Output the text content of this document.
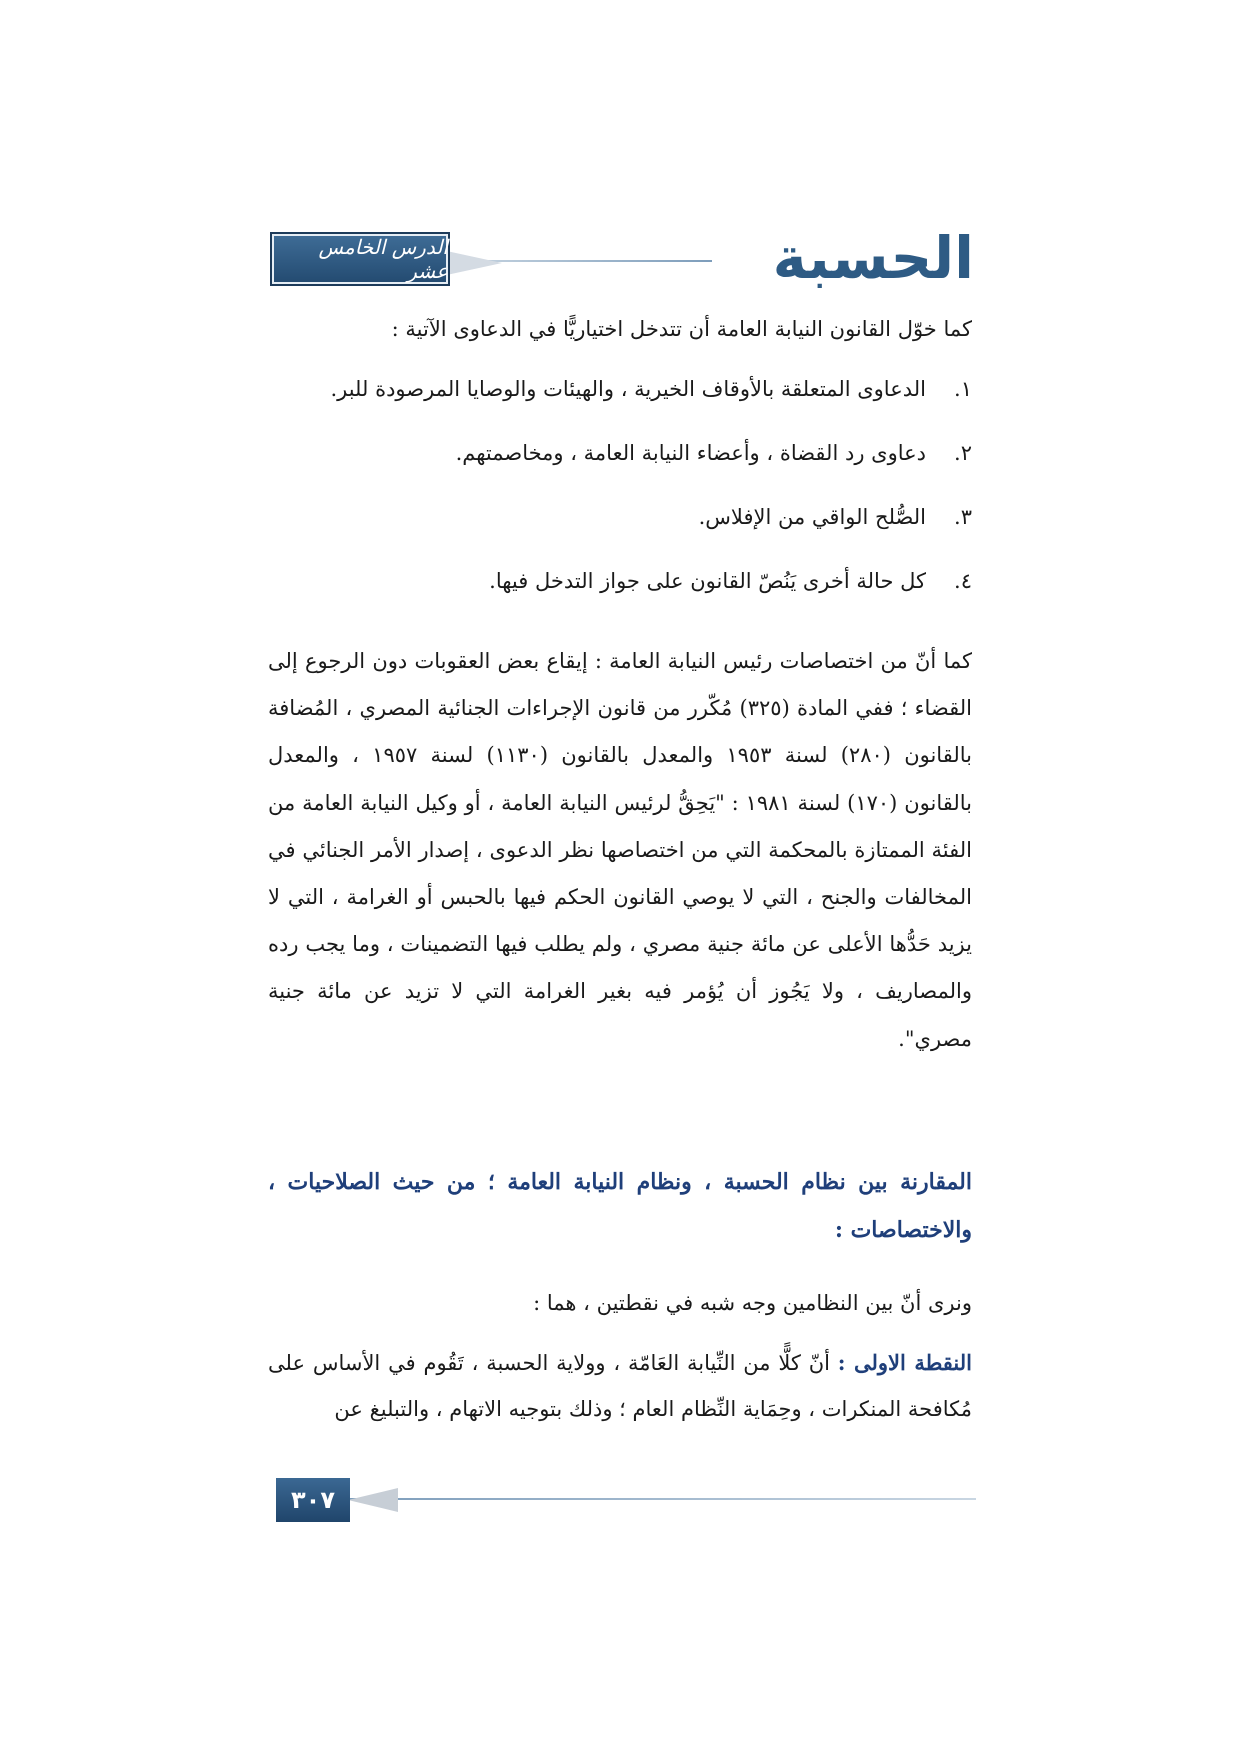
الحسبة
الدرس الخامس عشر
كما خوّل القانون النيابة العامة أن تتدخل اختياريًّا في الدعاوى الآتية :
١.الدعاوى المتعلقة بالأوقاف الخيرية ، والهيئات والوصايا المرصودة للبر.
٢.دعاوى رد القضاة ، وأعضاء النيابة العامة ، ومخاصمتهم.
٣.الصُّلح الواقي من الإفلاس.
٤.كل حالة أخرى يَنُصّ القانون على جواز التدخل فيها.
كما أنّ من اختصاصات رئيس النيابة العامة : إيقاع بعض العقوبات دون الرجوع إلى القضاء ؛ ففي المادة (٣٢٥) مُكّرر من قانون الإجراءات الجنائية المصري ، المُضافة بالقانون (٢٨٠) لسنة ١٩٥٣ والمعدل بالقانون (١١٣٠) لسنة ١٩٥٧ ، والمعدل بالقانون (١٧٠) لسنة ١٩٨١ : "يَحِقُّ لرئيس النيابة العامة ، أو وكيل النيابة العامة من الفئة الممتازة بالمحكمة التي من اختصاصها نظر الدعوى ، إصدار الأمر الجنائي في المخالفات والجنح ، التي لا يوصي القانون الحكم فيها بالحبس أو الغرامة ، التي لا يزيد حَدُّها الأعلى عن مائة جنية مصري ، ولم يطلب فيها التضمينات ، وما يجب رده والمصاريف ، ولا يَجُوز أن يُؤمر فيه بغير الغرامة التي لا تزيد عن مائة جنية مصري".
المقارنة بين نظام الحسبة ، ونظام النيابة العامة ؛ من حيث الصلاحيات ، والاختصاصات :
ونرى أنّ بين النظامين وجه شبه في نقطتين ، هما :
النقطة الاولى : أنّ كلًّا من النِّيابة العَامّة ، وولاية الحسبة ، تَقُوم في الأساس على مُكافحة المنكرات ، وحِمَاية النِّظام العام ؛ وذلك بتوجيه الاتهام ، والتبليغ عن
٣٠٧
